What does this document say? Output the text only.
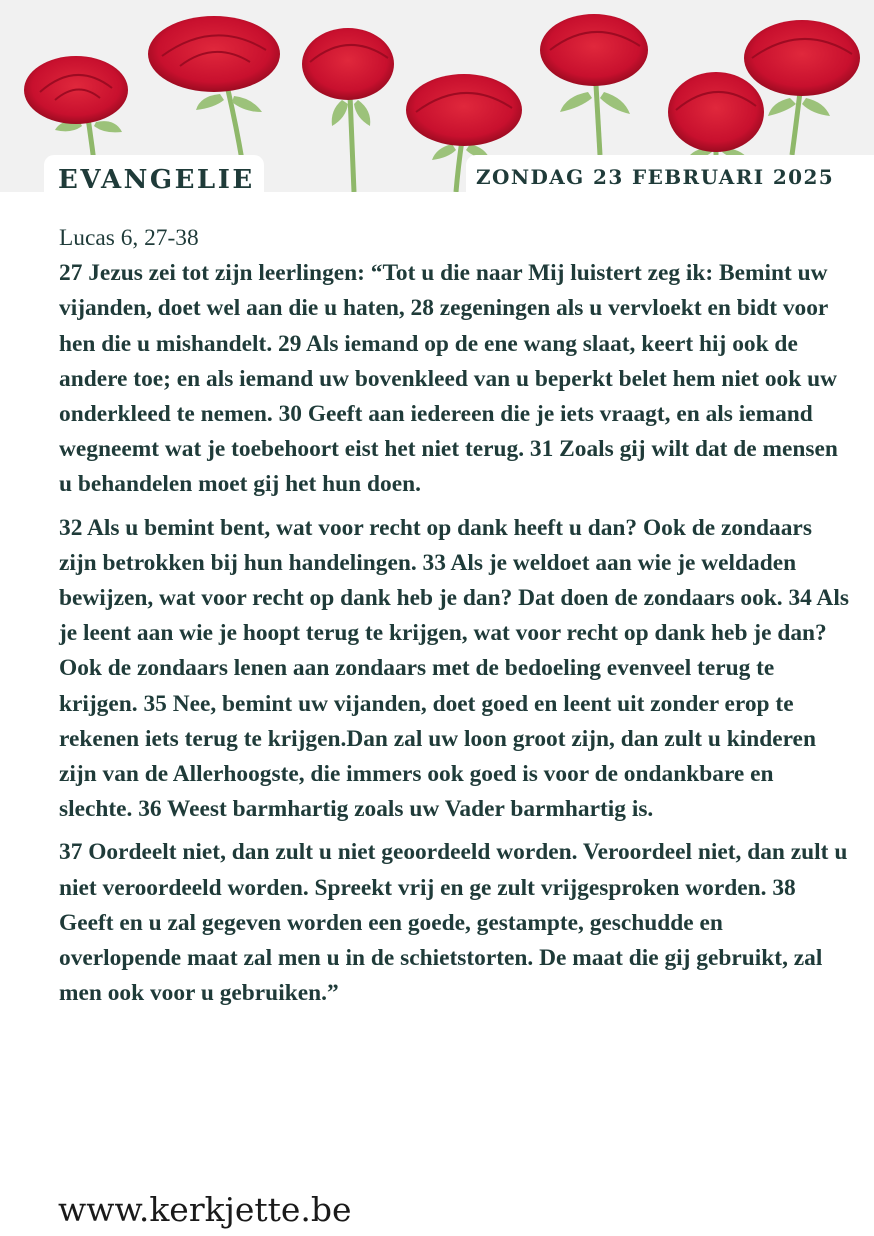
EVANGELIE	ZONDAG 23 FEBRUARI 2025
Lucas 6, 27-38

27 Jezus zei tot zijn leerlingen: “Tot u die naar Mij luistert zeg ik: Bemint uw vijanden, doet wel aan die u haten, 28 zegeningen als u vervloekt en bidt voor hen die u mishandelt. 29 Als iemand op de ene wang slaat, keert hij ook de andere toe; en als iemand uw bovenkleed van u beperkt belet hem niet ook uw onderkleed te nemen. 30 Geeft aan iedereen die je iets vraagt, en als iemand wegneemt wat je toebehoort eist het niet terug. 31 Zoals gij wilt dat de mensen u behandelen moet gij het hun doen.

32 Als u bemint bent, wat voor recht op dank heeft u dan? Ook de zondaars zijn betrokken bij hun handelingen. 33 Als je weldoet aan wie je weldaden bewijzen, wat voor recht op dank heb je dan? Dat doen de zondaars ook. 34 Als je leent aan wie je hoopt terug te krijgen, wat voor recht op dank heb je dan? Ook de zondaars lenen aan zondaars met de bedoeling evenveel terug te krijgen. 35 Nee, bemint uw vijanden, doet goed en leent uit zonder erop te rekenen iets terug te krijgen.Dan zal uw loon groot zijn, dan zult u kinderen zijn van de Allerhoogste, die immers ook goed is voor de ondankbare en slechte. 36 Weest barmhartig zoals uw Vader barmhartig is.

37 Oordeelt niet, dan zult u niet geoordeeld worden. Veroordeel niet, dan zult u niet veroordeeld worden. Spreekt vrij en ge zult vrijgesproken worden. 38 Geeft en u zal gegeven worden een goede, gestampte, geschudde en overlopende maat zal men u in de schietstorten. De maat die gij gebruikt, zal men ook voor u gebruiken.”

www.kerkjette.be
